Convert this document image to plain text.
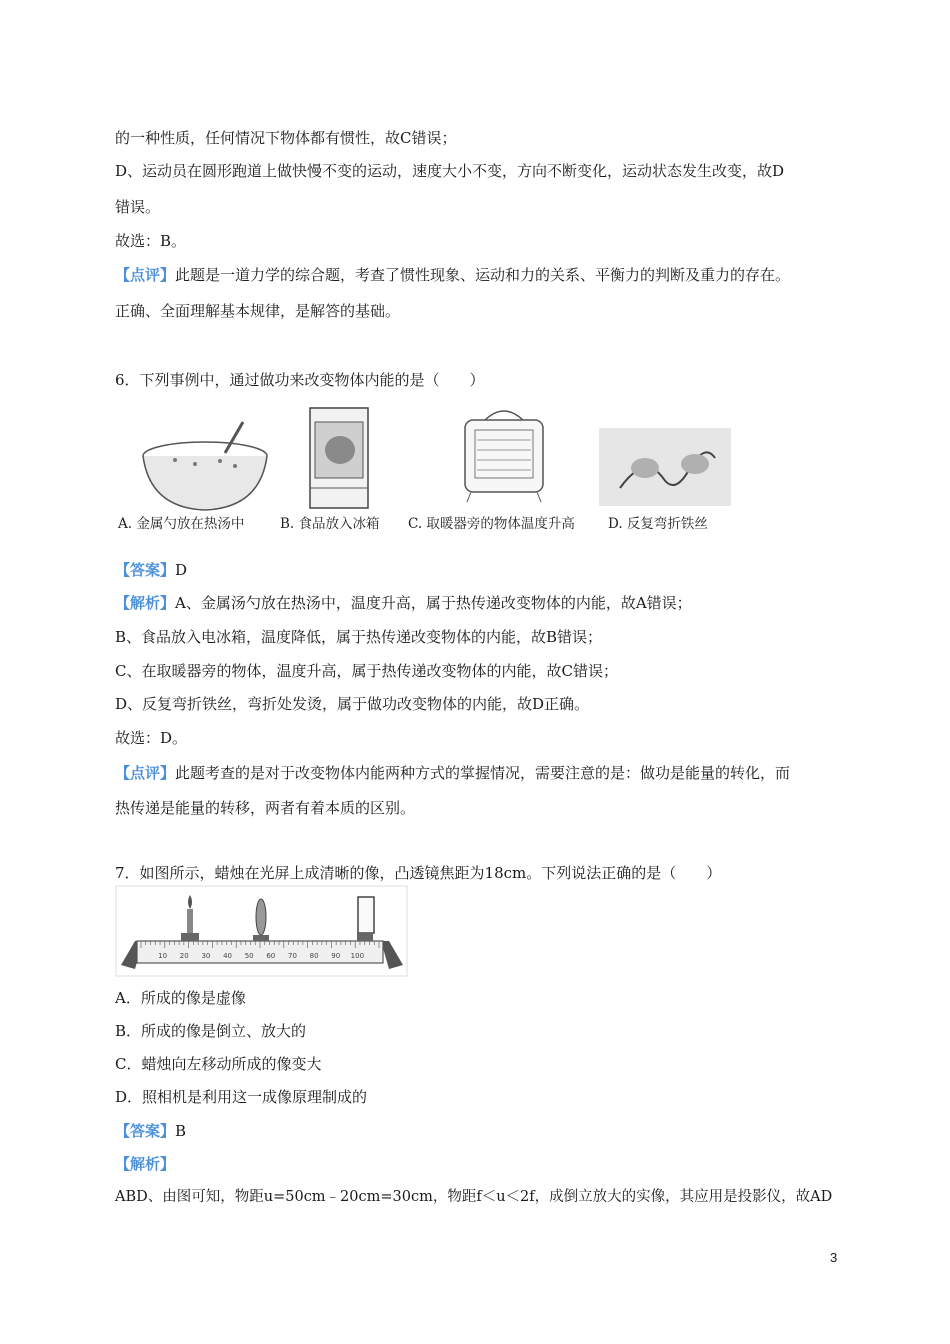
的一种性质，任何情况下物体都有惯性，故C错误；
D、运动员在圆形跑道上做快慢不变的运动，速度大小不变，方向不断变化，运动状态发生改变，故D
错误。
故选：B。
【点评】此题是一道力学的综合题，考查了惯性现象、运动和力的关系、平衡力的判断及重力的存在。
正确、全面理解基本规律，是解答的基础。
6．下列事例中，通过做功来改变物体内能的是（　　）
A. 金属勺放在热汤中	B. 食品放入冰箱 C. 取暖器旁的物体温度升高 D. 反复弯折铁丝
【答案】D
【解析】A、金属汤勺放在热汤中，温度升高，属于热传递改变物体的内能，故A错误；
B、食品放入电冰箱，温度降低，属于热传递改变物体的内能，故B错误；
C、在取暖器旁的物体，温度升高，属于热传递改变物体的内能，故C错误；
D、反复弯折铁丝，弯折处发烫，属于做功改变物体的内能，故D正确。
故选：D。
【点评】此题考查的是对于改变物体内能两种方式的掌握情况，需要注意的是：做功是能量的转化，而
热传递是能量的转移，两者有着本质的区别。
7．如图所示，蜡烛在光屏上成清晰的像，凸透镜焦距为18cm。下列说法正确的是（　　）
10 20 30 40 50 60 70 80 90 100
A．所成的像是虚像
B．所成的像是倒立、放大的
C．蜡烛向左移动所成的像变大
D．照相机是利用这一成像原理制成的
【答案】B
【解析】
ABD、由图可知，物距u=50cm﹣20cm=30cm，物距f＜u＜2f，成倒立放大的实像，其应用是投影仪，故AD
3
